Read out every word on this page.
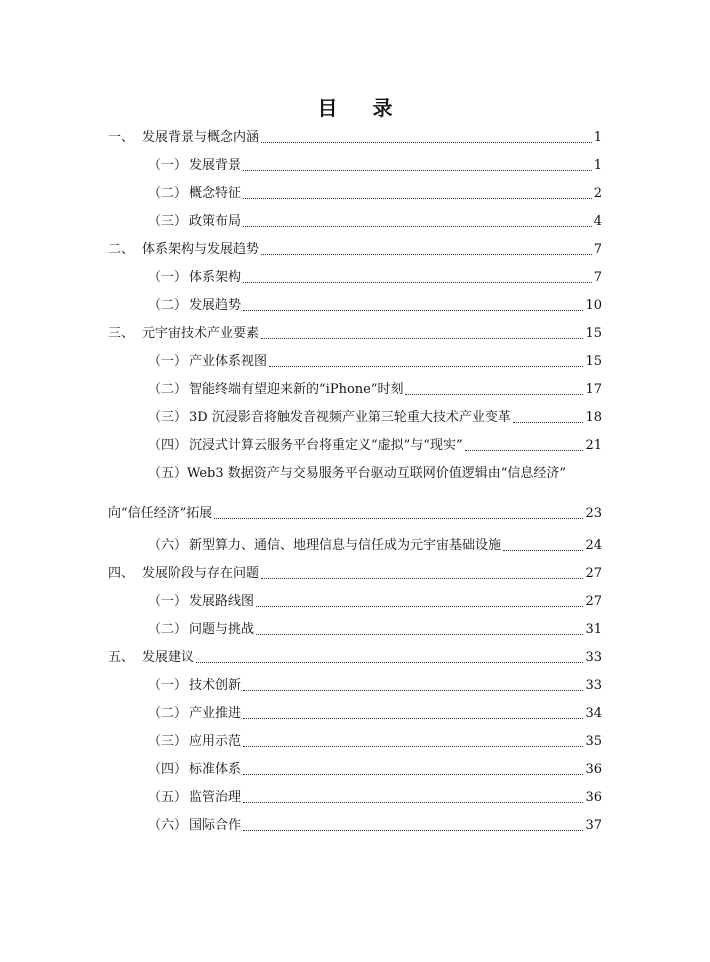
目 录
一、 发展背景与概念内涵	1
（一） 发展背景	1
（二） 概念特征	2
（三） 政策布局	4
二、 体系架构与发展趋势	7
（一） 体系架构	7
（二） 发展趋势	10
三、 元宇宙技术产业要素	15
（一） 产业体系视图	15
（二） 智能终端有望迎来新的“iPhone”时刻	17
（三） 3D 沉浸影音将触发音视频产业第三轮重大技术产业变革	18
（四） 沉浸式计算云服务平台将重定义“虚拟”与“现实”	21
（五）Web3 数据资产与交易服务平台驱动互联网价值逻辑由“信息经济”
向“信任经济”拓展	23
（六） 新型算力、通信、地理信息与信任成为元宇宙基础设施	24
四、 发展阶段与存在问题	27
（一） 发展路线图	27
（二） 问题与挑战	31
五、 发展建议	33
（一） 技术创新	33
（二） 产业推进	34
（三） 应用示范	35
（四） 标准体系	36
（五） 监管治理	36
（六） 国际合作	37
